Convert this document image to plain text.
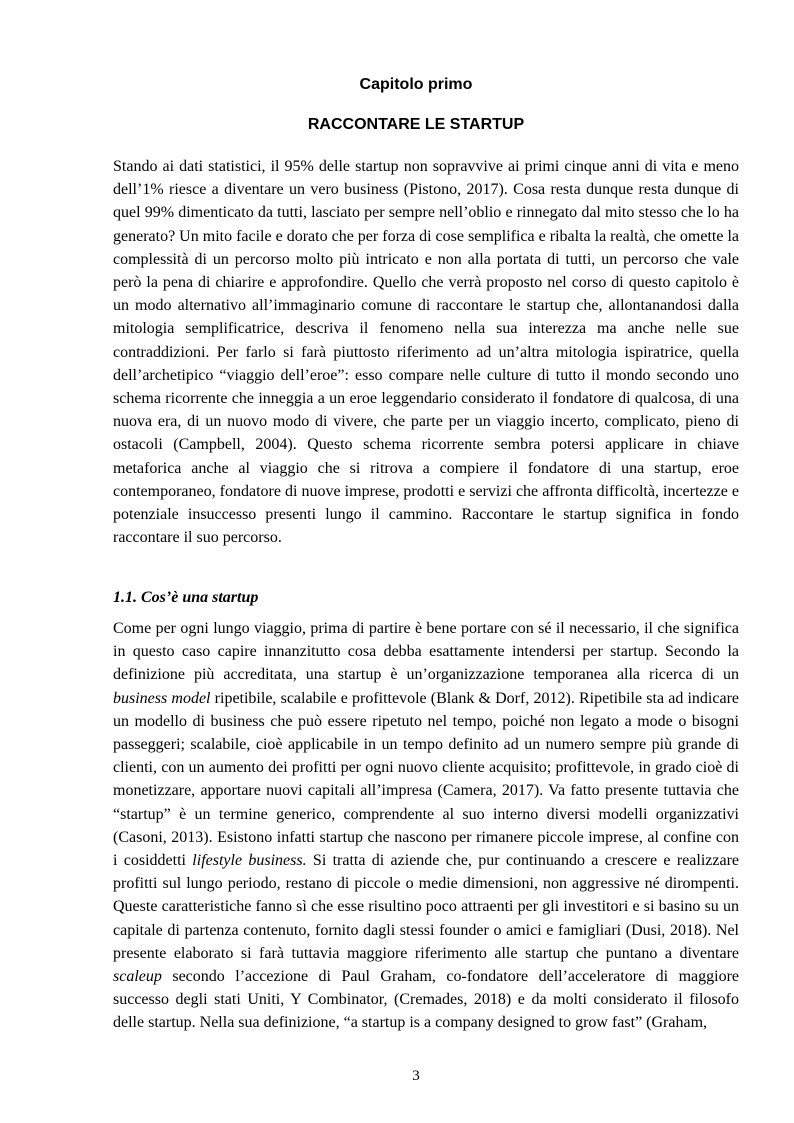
Capitolo primo
RACCONTARE LE STARTUP

Stando ai dati statistici, il 95% delle startup non sopravvive ai primi cinque anni di vita e meno dell’1% riesce a diventare un vero business (Pistono, 2017). Cosa resta dunque resta dunque di quel 99% dimenticato da tutti, lasciato per sempre nell’oblio e rinnegato dal mito stesso che lo ha generato? Un mito facile e dorato che per forza di cose semplifica e ribalta la realtà, che omette la complessità di un percorso molto più intricato e non alla portata di tutti, un percorso che vale però la pena di chiarire e approfondire. Quello che verrà proposto nel corso di questo capitolo è un modo alternativo all’immaginario comune di raccontare le startup che, allontanandosi dalla mitologia semplificatrice, descriva il fenomeno nella sua interezza ma anche nelle sue contraddizioni. Per farlo si farà piuttosto riferimento ad un’altra mitologia ispiratrice, quella dell’archetipico “viaggio dell’eroe”: esso compare nelle culture di tutto il mondo secondo uno schema ricorrente che inneggia a un eroe leggendario considerato il fondatore di qualcosa, di una nuova era, di un nuovo modo di vivere, che parte per un viaggio incerto, complicato, pieno di ostacoli (Campbell, 2004). Questo schema ricorrente sembra potersi applicare in chiave metaforica anche al viaggio che si ritrova a compiere il fondatore di una startup, eroe contemporaneo, fondatore di nuove imprese, prodotti e servizi che affronta difficoltà, incertezze e potenziale insuccesso presenti lungo il cammino. Raccontare le startup significa in fondo raccontare il suo percorso.

1.1. Cos’è una startup

Come per ogni lungo viaggio, prima di partire è bene portare con sé il necessario, il che significa in questo caso capire innanzitutto cosa debba esattamente intendersi per startup. Secondo la definizione più accreditata, una startup è un’organizzazione temporanea alla ricerca di un business model ripetibile, scalabile e profittevole (Blank & Dorf, 2012). Ripetibile sta ad indicare un modello di business che può essere ripetuto nel tempo, poiché non legato a mode o bisogni passeggeri; scalabile, cioè applicabile in un tempo definito ad un numero sempre più grande di clienti, con un aumento dei profitti per ogni nuovo cliente acquisito; profittevole, in grado cioè di monetizzare, apportare nuovi capitali all’impresa (Camera, 2017). Va fatto presente tuttavia che “startup” è un termine generico, comprendente al suo interno diversi modelli organizzativi (Casoni, 2013). Esistono infatti startup che nascono per rimanere piccole imprese, al confine con i cosiddetti lifestyle business. Si tratta di aziende che, pur continuando a crescere e realizzare profitti sul lungo periodo, restano di piccole o medie dimensioni, non aggressive né dirompenti. Queste caratteristiche fanno sì che esse risultino poco attraenti per gli investitori e si basino su un capitale di partenza contenuto, fornito dagli stessi founder o amici e famigliari (Dusi, 2018). Nel presente elaborato si farà tuttavia maggiore riferimento alle startup che puntano a diventare scaleup secondo l’accezione di Paul Graham, co-fondatore dell’acceleratore di maggiore successo degli stati Uniti, Y Combinator, (Cremades, 2018) e da molti considerato il filosofo delle startup. Nella sua definizione, “a startup is a company designed to grow fast” (Graham,

3
